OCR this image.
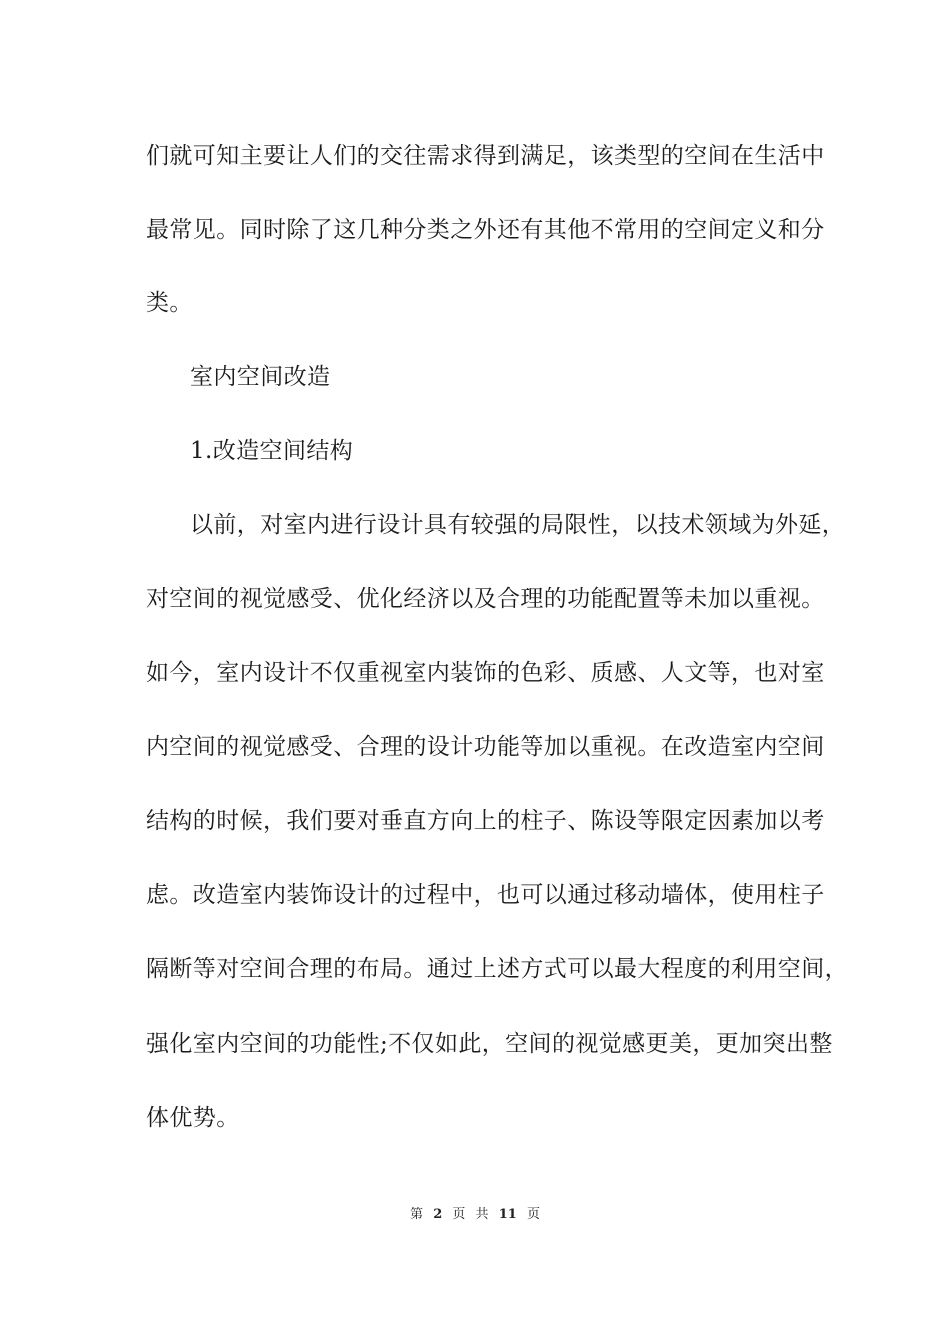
们就可知主要让人们的交往需求得到满足，该类型的空间在生活中
最常见。同时除了这几种分类之外还有其他不常用的空间定义和分
类。
室内空间改造
1.改造空间结构
以前，对室内进行设计具有较强的局限性，以技术领域为外延，
对空间的视觉感受、优化经济以及合理的功能配置等未加以重视。
如今，室内设计不仅重视室内装饰的色彩、质感、人文等，也对室
内空间的视觉感受、合理的设计功能等加以重视。在改造室内空间
结构的时候，我们要对垂直方向上的柱子、陈设等限定因素加以考
虑。改造室内装饰设计的过程中，也可以通过移动墙体，使用柱子
隔断等对空间合理的布局。通过上述方式可以最大程度的利用空间，
强化室内空间的功能性;不仅如此，空间的视觉感更美，更加突出整
体优势。
第 2 页 共 11 页
